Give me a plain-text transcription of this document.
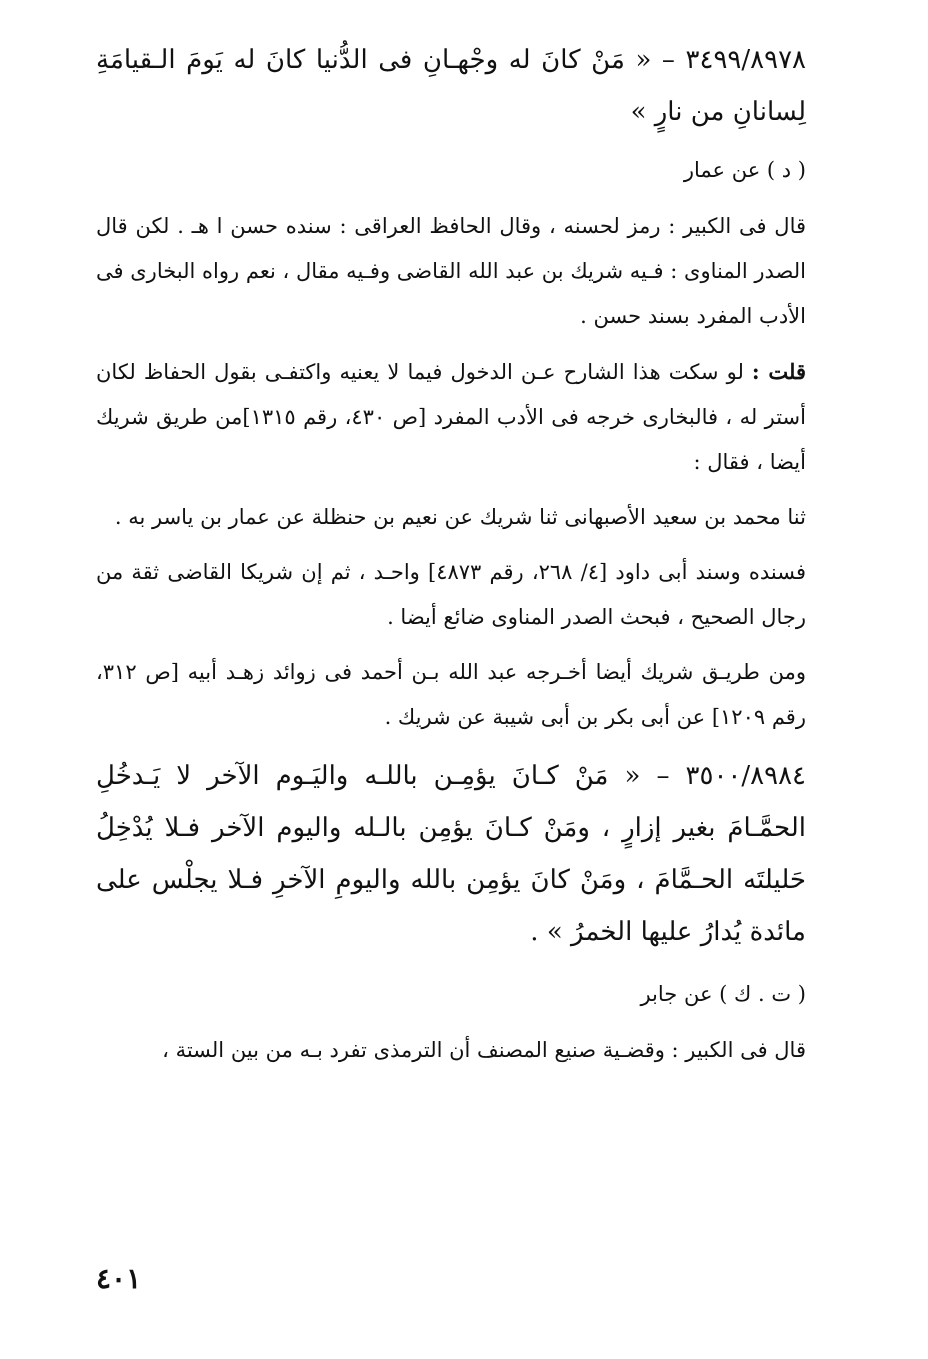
٣٤٩٩/٨٩٧٨ – « مَنْ كانَ له وجْهـانِ فى الدُّنيا كانَ له يَومَ الـقيامَةِ لِسانانِ من نارٍ »

( د ) عن عمار

قال فى الكبير : رمز لحسنه ، وقال الحافظ العراقى : سنده حسن ا هـ . لكن قال الصدر المناوى : فـيه شريك بن عبد الله القاضى وفـيه مقال ، نعم رواه البخارى فى الأدب المفرد بسند حسن .

قلت : لو سكت هذا الشارح عـن الدخول فيما لا يعنيه واكتفـى بقول الحفاظ لكان أستر له ، فالبخارى خرجه فى الأدب المفرد [ص ٤٣٠، رقم ١٣١٥]من طريق شريك أيضا ، فقال :

ثنا محمد بن سعيد الأصبهانى ثنا شريك عن نعيم بن حنظلة عن عمار بن ياسر به .

فسنده وسند أبى داود [٤/ ٢٦٨، رقم ٤٨٧٣] واحـد ، ثم إن شريكا القاضى ثقة من رجال الصحيح ، فبحث الصدر المناوى ضائع أيضا .

ومن طريـق شريك أيضا أخـرجه عبد الله بـن أحمد فى زوائد زهـد أبيه [ص ٣١٢، رقم ١٢٠٩] عن أبى بكر بن أبى شيبة عن شريك .

٣٥٠٠/٨٩٨٤ – « مَنْ كـانَ يؤمِـن باللـه واليَـوم الآخر لا يَـدخُلِ الحمَّـامَ بغير إزارٍ ، ومَنْ كـانَ يؤمِن بالـله واليوم الآخر فـلا يُدْخِلُ حَليلتَه الحـمَّامَ ، ومَنْ كانَ يؤمِن بالله واليومِ الآخرِ فـلا يجلْس على مائدة يُدارُ عليها الخمرُ » .

( ت . ك ) عن جابر

قال فى الكبير : وقضـية صنيع المصنف أن الترمذى تفرد بـه من بين الستة ،

٤٠١
